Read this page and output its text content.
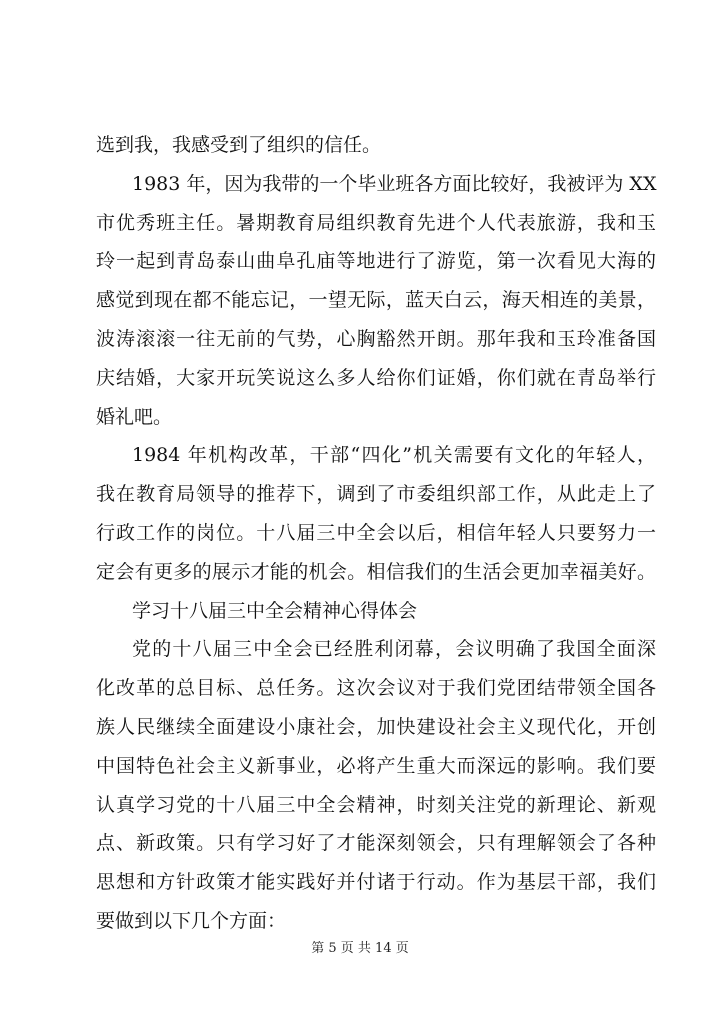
选到我，我感受到了组织的信任。
1983 年，因为我带的一个毕业班各方面比较好，我被评为 XX
市优秀班主任。暑期教育局组织教育先进个人代表旅游，我和玉
玲一起到青岛泰山曲阜孔庙等地进行了游览，第一次看见大海的
感觉到现在都不能忘记，一望无际，蓝天白云，海天相连的美景，
波涛滚滚一往无前的气势，心胸豁然开朗。那年我和玉玲准备国
庆结婚，大家开玩笑说这么多人给你们证婚，你们就在青岛举行
婚礼吧。
1984 年机构改革，干部“四化”机关需要有文化的年轻人，
我在教育局领导的推荐下，调到了市委组织部工作，从此走上了
行政工作的岗位。十八届三中全会以后，相信年轻人只要努力一
定会有更多的展示才能的机会。相信我们的生活会更加幸福美好。
学习十八届三中全会精神心得体会
党的十八届三中全会已经胜利闭幕，会议明确了我国全面深
化改革的总目标、总任务。这次会议对于我们党团结带领全国各
族人民继续全面建设小康社会，加快建设社会主义现代化，开创
中国特色社会主义新事业，必将产生重大而深远的影响。我们要
认真学习党的十八届三中全会精神，时刻关注党的新理论、新观
点、新政策。只有学习好了才能深刻领会，只有理解领会了各种
思想和方针政策才能实践好并付诸于行动。作为基层干部，我们
要做到以下几个方面：
第 5 页 共 14 页
